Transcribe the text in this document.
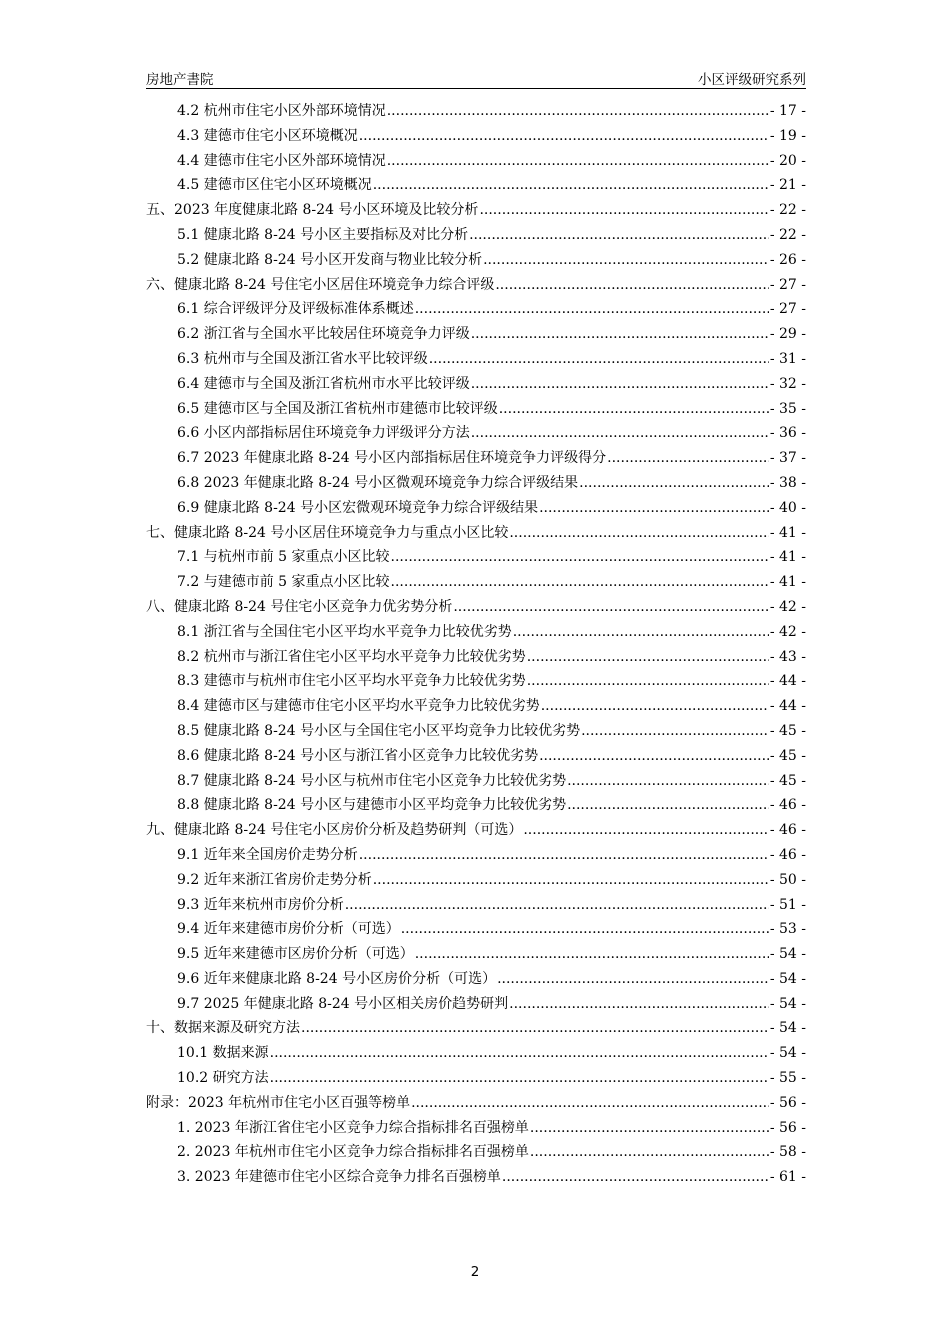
房地产書院	小区评级研究系列
4.2 杭州市住宅小区外部环境情况 .....	- 17 -
4.3 建德市住宅小区环境概况 .....	- 19 -
4.4 建德市住宅小区外部环境情况 .....	- 20 -
4.5 建德市区住宅小区环境概况 .....	- 21 -
五、2023 年度健康北路 8-24 号小区环境及比较分析 .....	- 22 -
5.1 健康北路 8-24 号小区主要指标及对比分析 .....	- 22 -
5.2 健康北路 8-24 号小区开发商与物业比较分析 .....	- 26 -
六、健康北路 8-24 号住宅小区居住环境竞争力综合评级 .....	- 27 -
6.1 综合评级评分及评级标准体系概述 .....	- 27 -
6.2 浙江省与全国水平比较居住环境竞争力评级 .....	- 29 -
6.3 杭州市与全国及浙江省水平比较评级 .....	- 31 -
6.4 建德市与全国及浙江省杭州市水平比较评级 .....	- 32 -
6.5 建德市区与全国及浙江省杭州市建德市比较评级 .....	- 35 -
6.6 小区内部指标居住环境竞争力评级评分方法 .....	- 36 -
6.7 2023 年健康北路 8-24 号小区内部指标居住环境竞争力评级得分 .....	- 37 -
6.8 2023 年健康北路 8-24 号小区微观环境竞争力综合评级结果 .....	- 38 -
6.9 健康北路 8-24 号小区宏微观环境竞争力综合评级结果 .....	- 40 -
七、健康北路 8-24 号小区居住环境竞争力与重点小区比较 .....	- 41 -
7.1 与杭州市前 5 家重点小区比较 .....	- 41 -
7.2 与建德市前 5 家重点小区比较 .....	- 41 -
八、健康北路 8-24 号住宅小区竞争力优劣势分析 .....	- 42 -
8.1 浙江省与全国住宅小区平均水平竞争力比较优劣势 .....	- 42 -
8.2 杭州市与浙江省住宅小区平均水平竞争力比较优劣势 .....	- 43 -
8.3 建德市与杭州市住宅小区平均水平竞争力比较优劣势 .....	- 44 -
8.4 建德市区与建德市住宅小区平均水平竞争力比较优劣势 .....	- 44 -
8.5 健康北路 8-24 号小区与全国住宅小区平均竞争力比较优劣势 .....	- 45 -
8.6 健康北路 8-24 号小区与浙江省小区竞争力比较优劣势 .....	- 45 -
8.7 健康北路 8-24 号小区与杭州市住宅小区竞争力比较优劣势 .....	- 45 -
8.8 健康北路 8-24 号小区与建德市小区平均竞争力比较优劣势 .....	- 46 -
九、健康北路 8-24 号住宅小区房价分析及趋势研判（可选） .....	- 46 -
9.1 近年来全国房价走势分析 .....	- 46 -
9.2 近年来浙江省房价走势分析 .....	- 50 -
9.3 近年来杭州市房价分析 .....	- 51 -
9.4 近年来建德市房价分析（可选） .....	- 53 -
9.5 近年来建德市区房价分析（可选） .....	- 54 -
9.6 近年来健康北路 8-24 号小区房价分析（可选） .....	- 54 -
9.7 2025 年健康北路 8-24 号小区相关房价趋势研判 .....	- 54 -
十、数据来源及研究方法 .....	- 54 -
10.1 数据来源 .....	- 54 -
10.2 研究方法 .....	- 55 -
附录：2023 年杭州市住宅小区百强等榜单 .....	- 56 -
1. 2023 年浙江省住宅小区竞争力综合指标排名百强榜单 .....	- 56 -
2. 2023 年杭州市住宅小区竞争力综合指标排名百强榜单 .....	- 58 -
3. 2023 年建德市住宅小区综合竞争力排名百强榜单 .....	- 61 -
2
